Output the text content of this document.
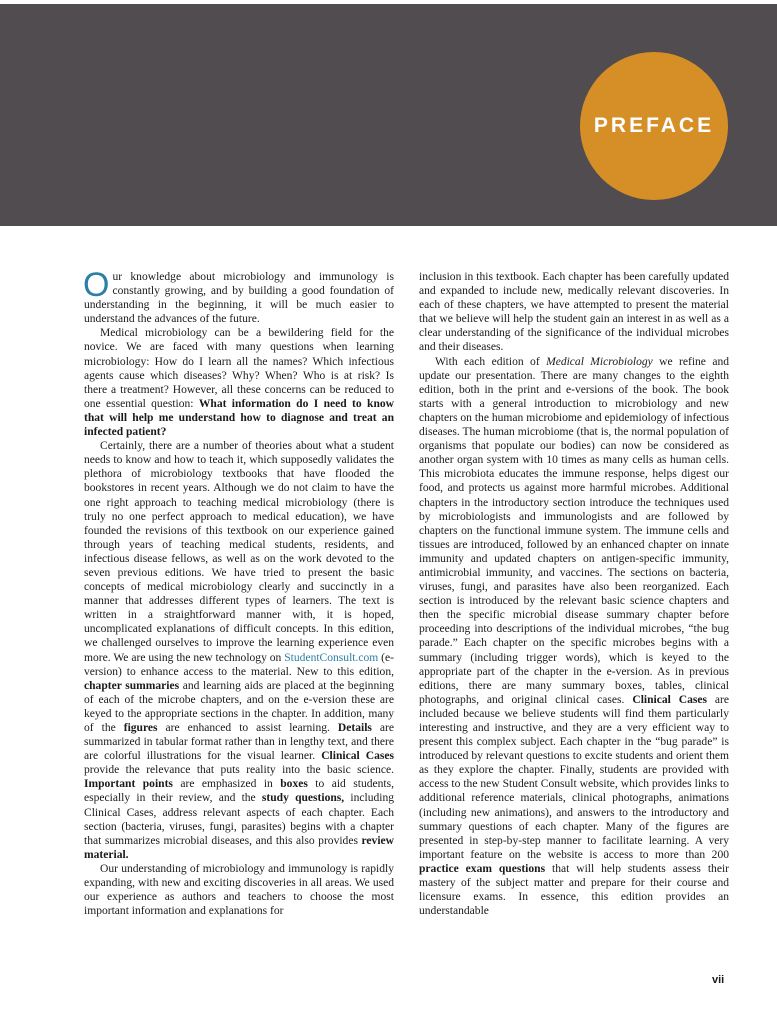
PREFACE

Our knowledge about microbiology and immunology is constantly growing, and by building a good foundation of understanding in the beginning, it will be much easier to understand the advances of the future.

Medical microbiology can be a bewildering field for the novice. We are faced with many questions when learning microbiology: How do I learn all the names? Which infectious agents cause which diseases? Why? When? Who is at risk? Is there a treatment? However, all these concerns can be reduced to one essential question: What information do I need to know that will help me understand how to diagnose and treat an infected patient?

Certainly, there are a number of theories about what a student needs to know and how to teach it, which supposedly validates the plethora of microbiology textbooks that have flooded the bookstores in recent years. Although we do not claim to have the one right approach to teaching medical microbiology (there is truly no one perfect approach to medical education), we have founded the revisions of this textbook on our experience gained through years of teaching medical students, residents, and infectious disease fellows, as well as on the work devoted to the seven previous editions. We have tried to present the basic concepts of medical microbiology clearly and succinctly in a manner that addresses different types of learners. The text is written in a straightforward manner with, it is hoped, uncomplicated explanations of difficult concepts. In this edition, we challenged ourselves to improve the learning experience even more. We are using the new technology on StudentConsult.com (e-version) to enhance access to the material. New to this edition, chapter summaries and learning aids are placed at the beginning of each of the microbe chapters, and on the e-version these are keyed to the appropriate sections in the chapter. In addition, many of the figures are enhanced to assist learning. Details are summarized in tabular format rather than in lengthy text, and there are colorful illustrations for the visual learner. Clinical Cases provide the relevance that puts reality into the basic science. Important points are emphasized in boxes to aid students, especially in their review, and the study questions, including Clinical Cases, address relevant aspects of each chapter. Each section (bacteria, viruses, fungi, parasites) begins with a chapter that summarizes microbial diseases, and this also provides review material.

Our understanding of microbiology and immunology is rapidly expanding, with new and exciting discoveries in all areas. We used our experience as authors and teachers to choose the most important information and explanations for

inclusion in this textbook. Each chapter has been carefully updated and expanded to include new, medically relevant discoveries. In each of these chapters, we have attempted to present the material that we believe will help the student gain an interest in as well as a clear understanding of the significance of the individual microbes and their diseases.

With each edition of Medical Microbiology we refine and update our presentation. There are many changes to the eighth edition, both in the print and e-versions of the book. The book starts with a general introduction to microbiology and new chapters on the human microbiome and epidemiology of infectious diseases. The human microbiome (that is, the normal population of organisms that populate our bodies) can now be considered as another organ system with 10 times as many cells as human cells. This microbiota educates the immune response, helps digest our food, and protects us against more harmful microbes. Additional chapters in the introductory section introduce the techniques used by microbiologists and immunologists and are followed by chapters on the functional immune system. The immune cells and tissues are introduced, followed by an enhanced chapter on innate immunity and updated chapters on antigen-specific immunity, antimicrobial immunity, and vaccines. The sections on bacteria, viruses, fungi, and parasites have also been reorganized. Each section is introduced by the relevant basic science chapters and then the specific microbial disease summary chapter before proceeding into descriptions of the individual microbes, “the bug parade.” Each chapter on the specific microbes begins with a summary (including trigger words), which is keyed to the appropriate part of the chapter in the e-version. As in previous editions, there are many summary boxes, tables, clinical photographs, and original clinical cases. Clinical Cases are included because we believe students will find them particularly interesting and instructive, and they are a very efficient way to present this complex subject. Each chapter in the “bug parade” is introduced by relevant questions to excite students and orient them as they explore the chapter. Finally, students are provided with access to the new Student Consult website, which provides links to additional reference materials, clinical photographs, animations (including new animations), and answers to the introductory and summary questions of each chapter. Many of the figures are presented in step-by-step manner to facilitate learning. A very important feature on the website is access to more than 200 practice exam questions that will help students assess their mastery of the subject matter and prepare for their course and licensure exams. In essence, this edition provides an understandable

vii
